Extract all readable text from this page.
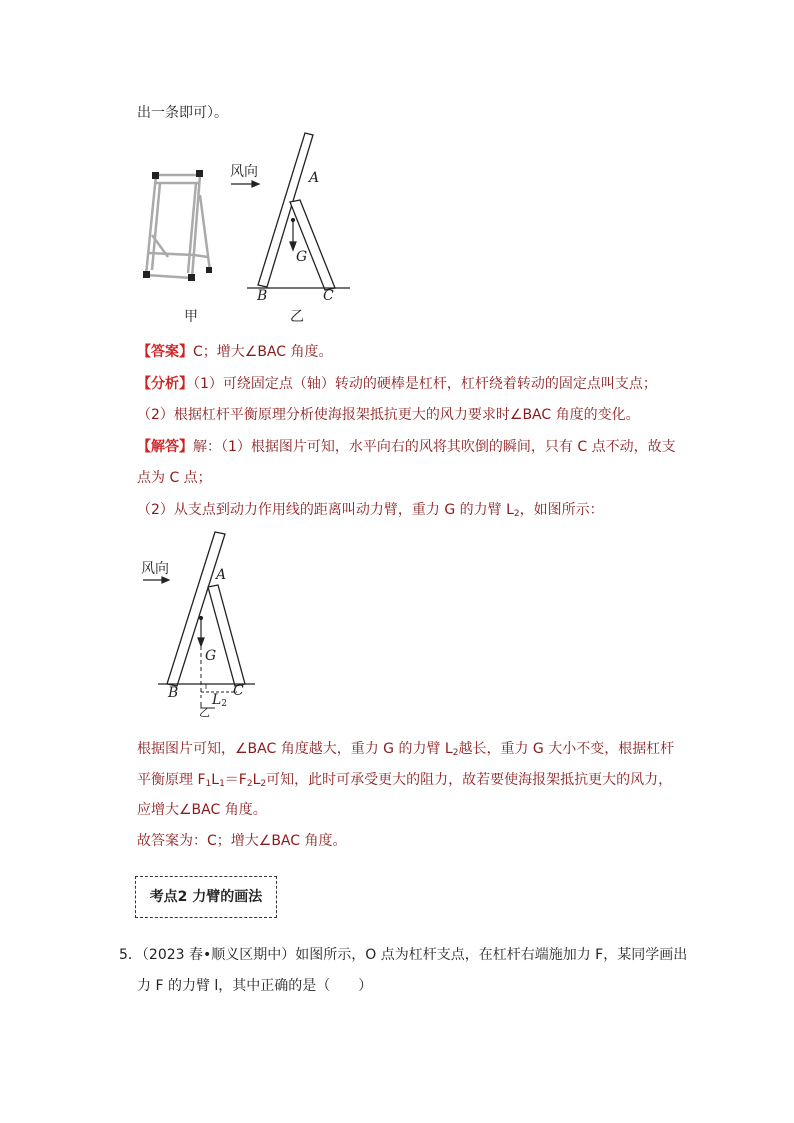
出一条即可）。
甲
风向	A
G
B	C
乙
【答案】C；增大∠BAC 角度。
【分析】（1）可绕固定点（轴）转动的硬棒是杠杆，杠杆绕着转动的固定点叫支点；
（2）根据杠杆平衡原理分析使海报架抵抗更大的风力要求时∠BAC 角度的变化。
【解答】解：（1）根据图片可知，水平向右的风将其吹倒的瞬间，只有 C 点不动，故支
点为 C 点；
（2）从支点到动力作用线的距离叫动力臂，重力 G 的力臂 $L_2$，如图所示：
风向	A
G
B	C
$L_2$
乙
根据图片可知，∠BAC 角度越大，重力 G 的力臂 $L_2$越长，重力 G 大小不变，根据杠杆
平衡原理 $F_1L_1=F_2L_2$可知，此时可承受更大的阻力，故若要使海报架抵抗更大的风力，
应增大∠BAC 角度。
故答案为：C；增大∠BAC 角度。
考点2 力臂的画法
5．（2023 春•顺义区期中）如图所示，O 点为杠杆支点，在杠杆右端施加力 F，某同学画出
力 F 的力臂 l，其中正确的是（　　）
